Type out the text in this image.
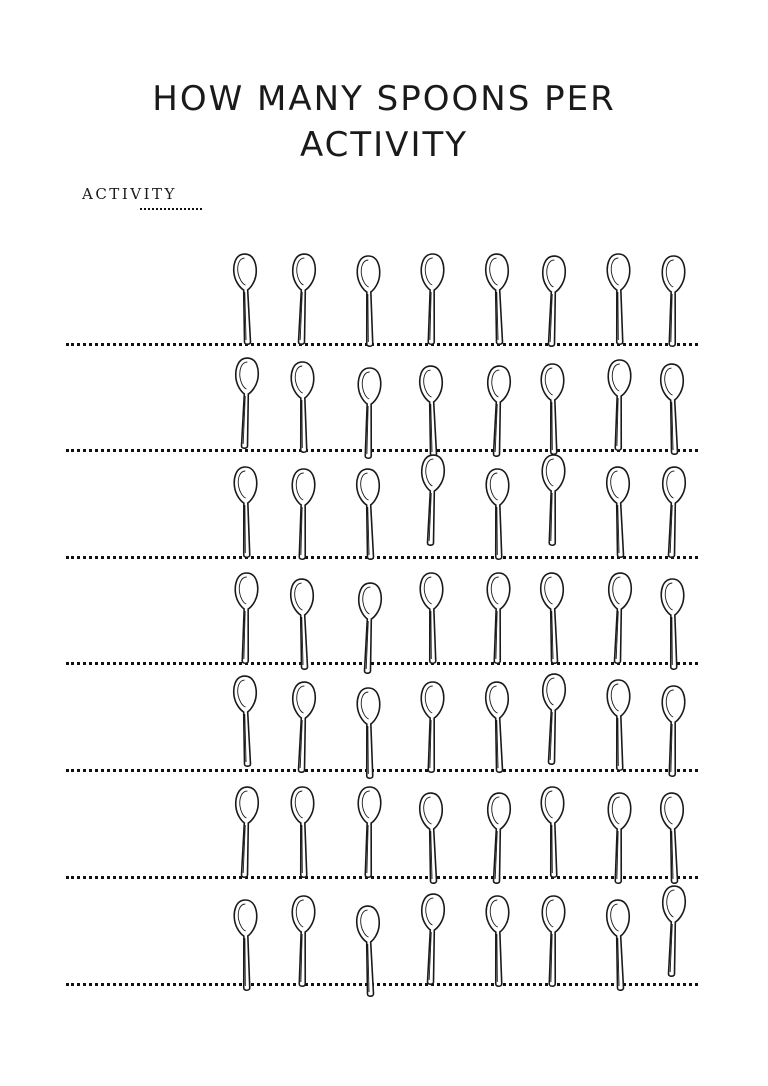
HOW MANY SPOONS PER
ACTIVITY
ACTIVITY
